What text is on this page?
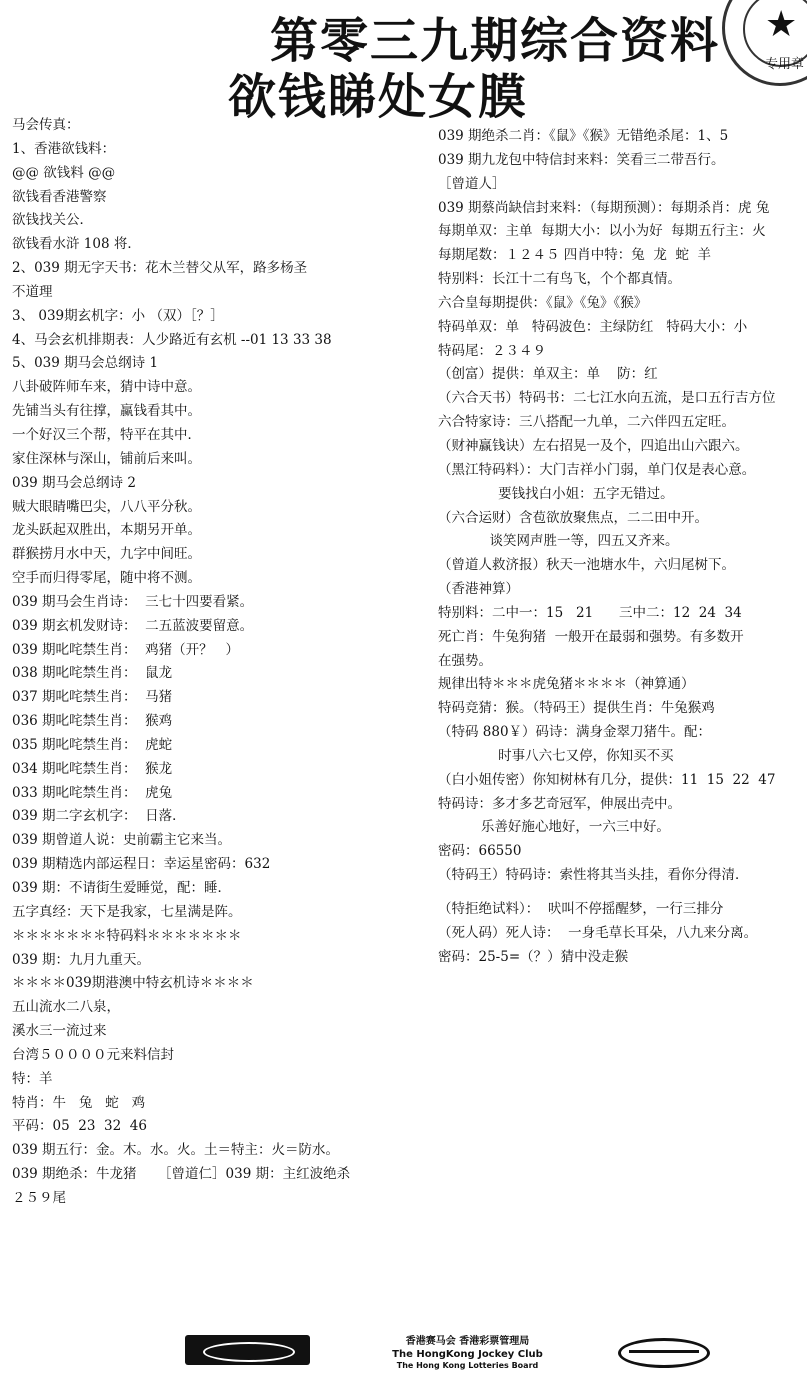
第零三九期综合资料
欲钱睇处女膜
★
专用章
马会传真：
1、香港欲钱料：
@@ 欲钱料 @@
欲钱看香港警察
欲钱找关公．
欲钱看水浒 108 将．
2、039 期无字天书：花木兰替父从军，路多杨圣
不道理
3、 039期玄机字：小 （双）［？］
4、马会玄机排期表：人少路近有玄机 --01 13 33 38
5、039 期马会总纲诗 1
八卦破阵师车来，猜中诗中意。
先铺当头有往撑，赢钱看其中。
一个好汉三个帮，特平在其中．
家住深林与深山，铺前后来叫。
039 期马会总纲诗 2
贼大眼睛嘴巴尖，八八平分秋。
龙头跃起双胜出，本期另开单。
群猴捞月水中天，九字中间旺。
空手而归得零尾，随中将不测。
039 期马会生肖诗：  三七十四要看紧。
039 期玄机发财诗：  二五蓝波要留意。
039 期叱咤禁生肖：  鸡猪（开？   ）
038 期叱咤禁生肖：  鼠龙
037 期叱咤禁生肖：  马猪
036 期叱咤禁生肖：  猴鸡
035 期叱咤禁生肖：  虎蛇
034 期叱咤禁生肖：  猴龙
033 期叱咤禁生肖：  虎兔
039 期二字玄机字：  日落．
039 期曾道人说：史前霸主它来当。
039 期精选内部运程日：幸运星密码：632
039 期：不请街生爱睡觉，配：睡．
五字真经：天下是我家，七星满是阵。
＊＊＊＊＊＊＊特码料＊＊＊＊＊＊＊
039 期：九月九重天。
＊＊＊＊039期港澳中特玄机诗＊＊＊＊
五山流水二八泉，
溪水三一流过来
台湾５００００元来料信封
特：羊
特肖：牛   兔   蛇   鸡
平码：05  23  32  46
039 期五行：金。木。水。火。土＝特主：火＝防水。
039 期绝杀：牛龙猪     ［曾道仁］039 期：主红波绝杀
２５９尾
039 期绝杀二肖：《鼠》《猴》无错绝杀尾：1、5
039 期九龙包中特信封来料：笑看三二带吾行。
［曾道人］
039 期蔡尚缺信封来料：（每期预测）：每期杀肖：虎 兔
每期单双：主单  每期大小：以小为好  每期五行主：火
每期尾数：１２４５ 四肖中特：兔  龙  蛇  羊
特别料：长江十二有鸟飞，个个都真情。
六合皇每期提供：《鼠》《兔》《猴》
特码单双：单   特码波色：主绿防红   特码大小：小
特码尾：２３４９
（创富）提供：单双主：单    防：红
（六合天书）特码书：二七江水向五流，是口五行吉方位
六合特家诗：三八搭配一九单，二六伴四五定旺。
（财神赢钱诀）左右招晃一及个，四追出山六跟六。
（黑江特码料）：大门吉祥小门弱，单门仅是表心意。
要钱找白小姐：五字无错过。
（六合运财）含苞欲放聚焦点，二二田中开。
谈笑网声胜一等，四五又齐来。
（曾道人救济报）秋天一池塘水牛，六归尾树下。
（香港神算）
特别料：二中一：15   21      三中二：12  24  34
死亡肖：牛兔狗猪  一般开在最弱和强势。有多数开
在强势。
规律出特＊＊＊虎兔猪＊＊＊＊（神算通）
特码竞猜：猴。（特码王）提供生肖：牛兔猴鸡
（特码 880￥）码诗：满身金翠刀猪牛。配：
时事八六七又停，你知买不买
（白小姐传密）你知树林有几分，提供：11  15  22  47
特码诗：多才多艺奇冠军，伸展出壳中。
乐善好施心地好，一六三中好。
密码：66550
（特码王）特码诗：索性将其当头挂，看你分得清．
（特拒绝试料）：  吠叫不停摇醒梦，一行三排分
（死人码）死人诗：  一身毛草长耳朵，八九来分离。
密码：25-5=（？）猜中没走猴
香港赛马会 香港彩票管理局
The HongKong Jockey Club
The Hong Kong Lotteries Board
